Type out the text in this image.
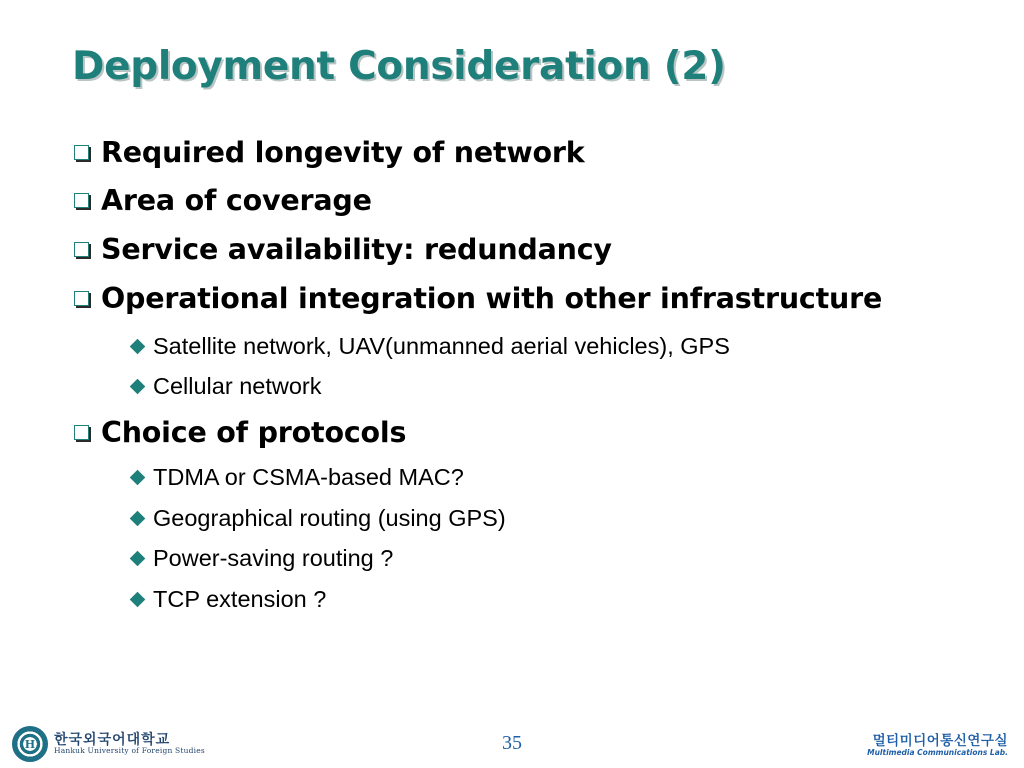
Deployment Consideration (2)
Required longevity of network
Area of coverage
Service availability: redundancy
Operational integration with other infrastructure
Satellite network, UAV(unmanned aerial vehicles), GPS
Cellular network
Choice of protocols
TDMA or CSMA-based MAC?
Geographical routing (using GPS)
Power-saving routing ?
TCP extension ?
H	한국외국어대학교
Hankuk University of Foreign Studies	35	멀티미디어통신연구실
Multimedia Communications Lab.
